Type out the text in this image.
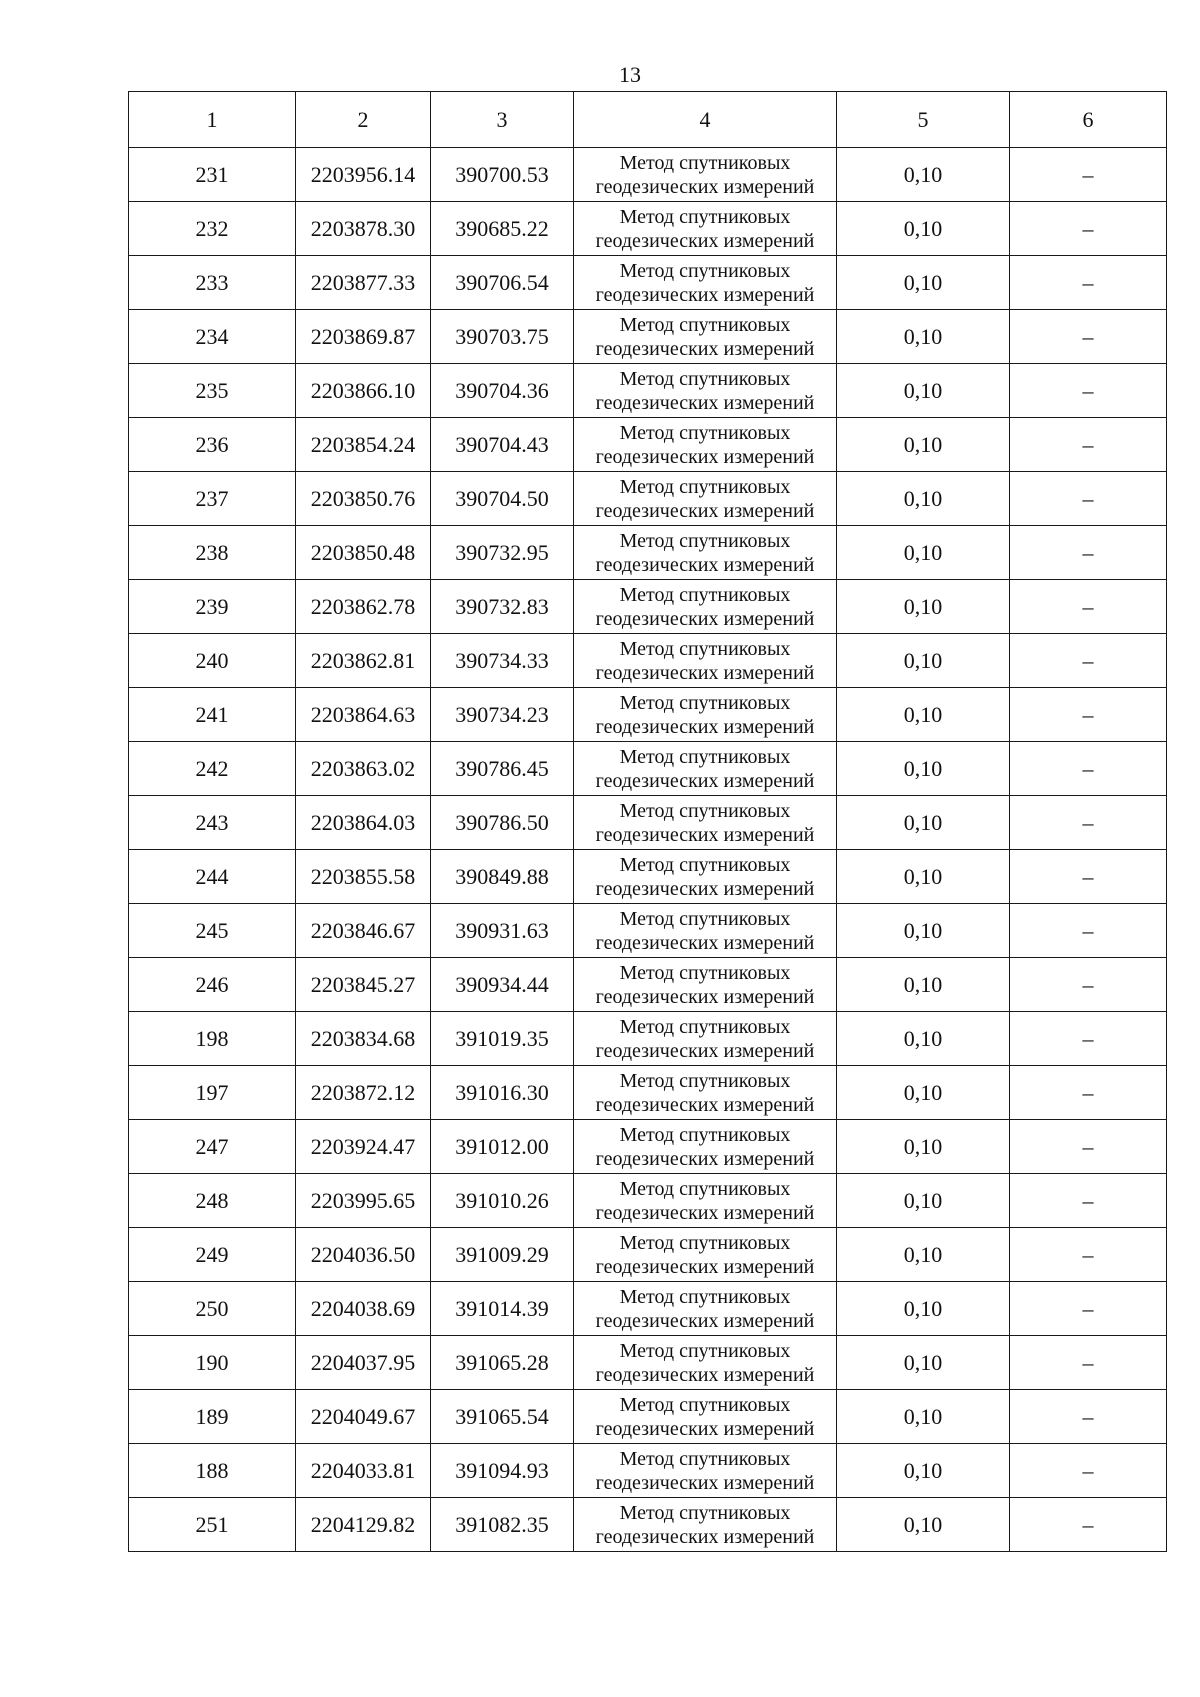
13
1	2	3	4	5	6
231	2203956.14	390700.53	Метод спутниковых
геодезических измерений	0,10	–
232	2203878.30	390685.22	Метод спутниковых
геодезических измерений	0,10	–
233	2203877.33	390706.54	Метод спутниковых
геодезических измерений	0,10	–
234	2203869.87	390703.75	Метод спутниковых
геодезических измерений	0,10	–
235	2203866.10	390704.36	Метод спутниковых
геодезических измерений	0,10	–
236	2203854.24	390704.43	Метод спутниковых
геодезических измерений	0,10	–
237	2203850.76	390704.50	Метод спутниковых
геодезических измерений	0,10	–
238	2203850.48	390732.95	Метод спутниковых
геодезических измерений	0,10	–
239	2203862.78	390732.83	Метод спутниковых
геодезических измерений	0,10	–
240	2203862.81	390734.33	Метод спутниковых
геодезических измерений	0,10	–
241	2203864.63	390734.23	Метод спутниковых
геодезических измерений	0,10	–
242	2203863.02	390786.45	Метод спутниковых
геодезических измерений	0,10	–
243	2203864.03	390786.50	Метод спутниковых
геодезических измерений	0,10	–
244	2203855.58	390849.88	Метод спутниковых
геодезических измерений	0,10	–
245	2203846.67	390931.63	Метод спутниковых
геодезических измерений	0,10	–
246	2203845.27	390934.44	Метод спутниковых
геодезических измерений	0,10	–
198	2203834.68	391019.35	Метод спутниковых
геодезических измерений	0,10	–
197	2203872.12	391016.30	Метод спутниковых
геодезических измерений	0,10	–
247	2203924.47	391012.00	Метод спутниковых
геодезических измерений	0,10	–
248	2203995.65	391010.26	Метод спутниковых
геодезических измерений	0,10	–
249	2204036.50	391009.29	Метод спутниковых
геодезических измерений	0,10	–
250	2204038.69	391014.39	Метод спутниковых
геодезических измерений	0,10	–
190	2204037.95	391065.28	Метод спутниковых
геодезических измерений	0,10	–
189	2204049.67	391065.54	Метод спутниковых
геодезических измерений	0,10	–
188	2204033.81	391094.93	Метод спутниковых
геодезических измерений	0,10	–
251	2204129.82	391082.35	Метод спутниковых
геодезических измерений	0,10	–
